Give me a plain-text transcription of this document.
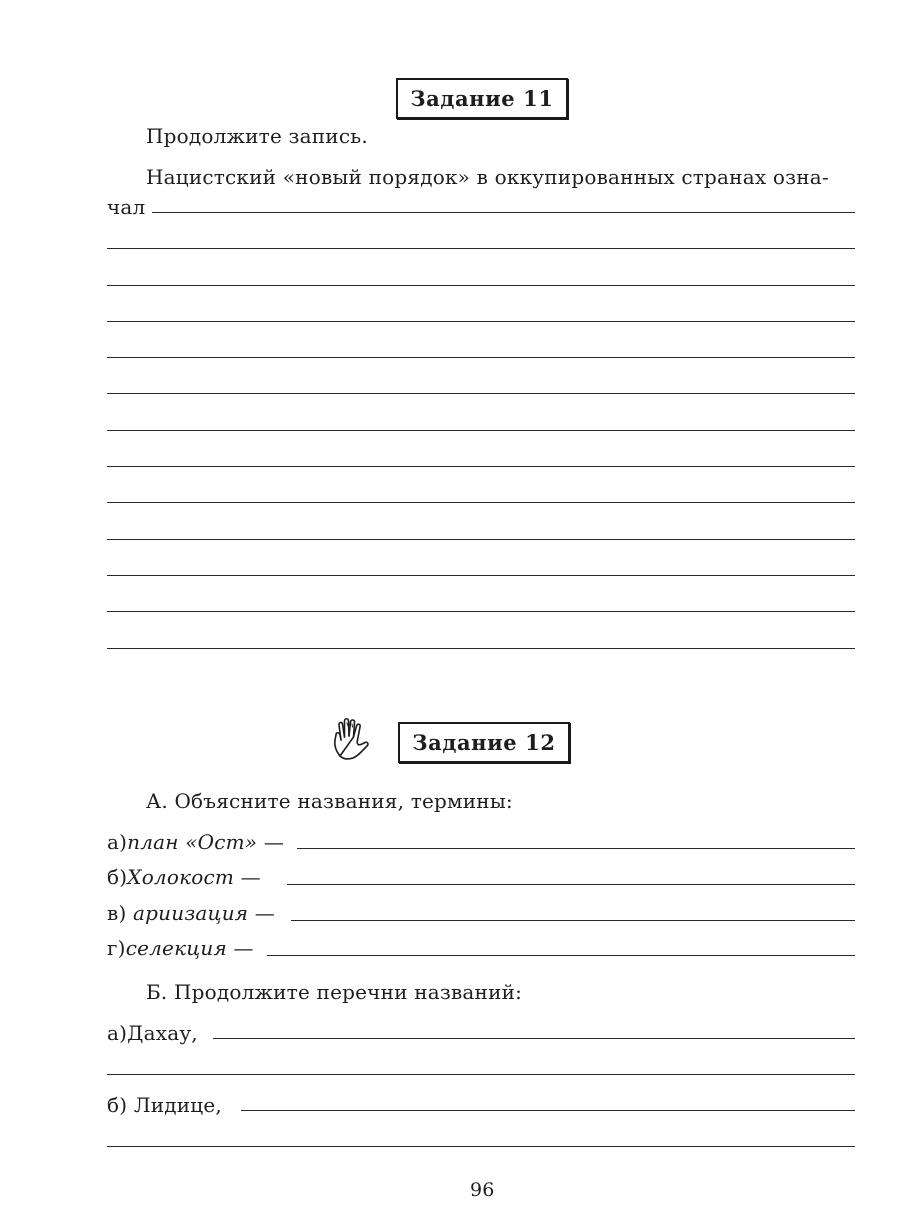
Задание 11
Продолжите запись.
Нацистский «новый порядок» в оккупированных странах озна-
чал
Задание 12
А. Объясните названия, термины:
а)план «Ост» —
б)Холокост —
в) ариизация —
г)селекция —
Б. Продолжите перечни названий:
а)Дахау,
б) Лидице,
96
